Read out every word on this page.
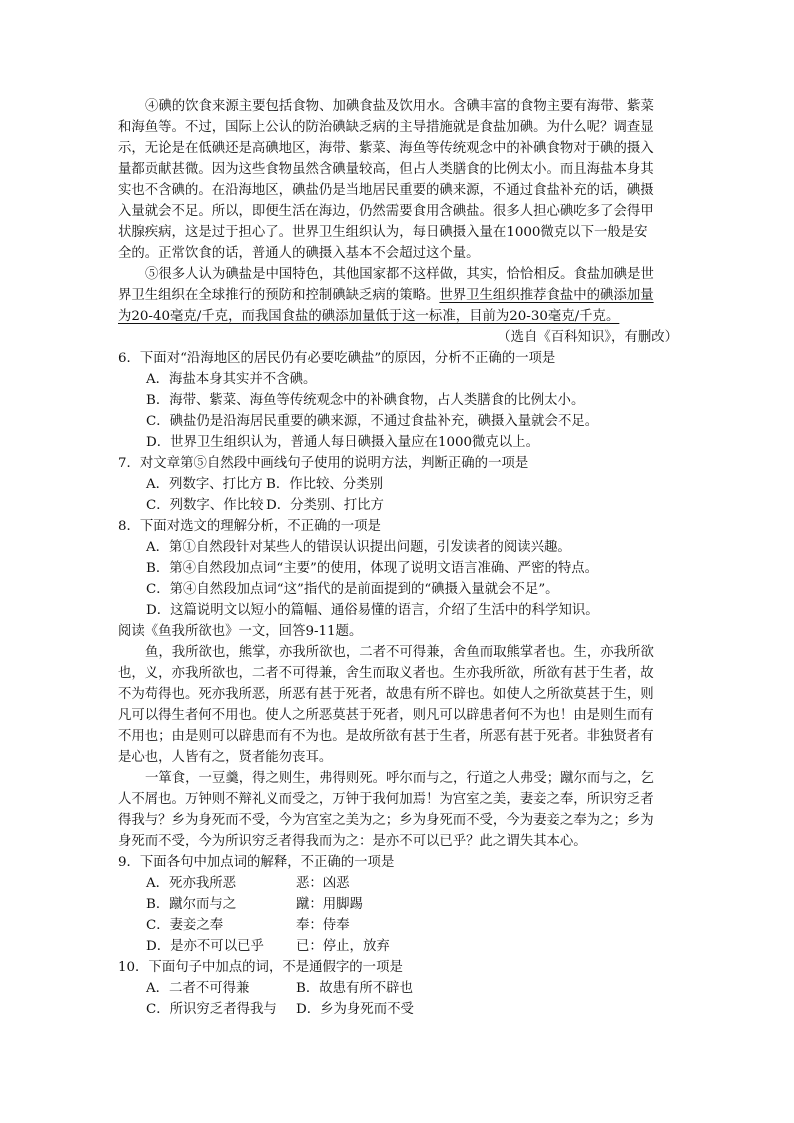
④碘的饮食来源主要包括食物、加碘食盐及饮用水。含碘丰富的食物主要有海带、紫菜
和海鱼等。不过，国际上公认的防治碘缺乏病的主导措施就是食盐加碘。为什么呢？调查显
示，无论是在低碘还是高碘地区，海带、紫菜、海鱼等传统观念中的补碘食物对于碘的摄入
量都贡献甚微。因为这些食物虽然含碘量较高，但占人类膳食的比例太小。而且海盐本身其
实也不含碘的。在沿海地区，碘盐仍是当地居民重要的碘来源，不通过食盐补充的话，碘摄
入量就会不足。所以，即便生活在海边，仍然需要食用含碘盐。很多人担心碘吃多了会得甲
状腺疾病，这是过于担心了。世界卫生组织认为，每日碘摄入量在1000微克以下一般是安
全的。正常饮食的话，普通人的碘摄入基本不会超过这个量。
⑤很多人认为碘盐是中国特色，其他国家都不这样做，其实，恰恰相反。食盐加碘是世
界卫生组织在全球推行的预防和控制碘缺乏病的策略。世界卫生组织推荐食盐中的碘添加量
为20-40毫克/千克，而我国食盐的碘添加量低于这一标准，目前为20-30毫克/千克。
（选自《百科知识》，有删改）
6．下面对“沿海地区的居民仍有必要吃碘盐”的原因，分析不正确的一项是
A．海盐本身其实并不含碘。
B．海带、紫菜、海鱼等传统观念中的补碘食物，占人类膳食的比例太小。
C．碘盐仍是沿海居民重要的碘来源，不通过食盐补充，碘摄入量就会不足。
D．世界卫生组织认为，普通人每日碘摄入量应在1000微克以上。
7．对文章第⑤自然段中画线句子使用的说明方法，判断正确的一项是
A．列数字、打比方 B．作比较、分类别
C．列数字、作比较 D．分类别、打比方
8．下面对选文的理解分析，不正确的一项是
A．第①自然段针对某些人的错误认识提出问题，引发读者的阅读兴趣。
B．第④自然段加点词“主要”的使用，体现了说明文语言准确、严密的特点。
C．第④自然段加点词“这”指代的是前面提到的“碘摄入量就会不足”。
D．这篇说明文以短小的篇幅、通俗易懂的语言，介绍了生活中的科学知识。
阅读《鱼我所欲也》一文，回答9-11题。
鱼，我所欲也，熊掌，亦我所欲也，二者不可得兼，舍鱼而取熊掌者也。生，亦我所欲
也，义，亦我所欲也，二者不可得兼，舍生而取义者也。生亦我所欲，所欲有甚于生者，故
不为苟得也。死亦我所恶，所恶有甚于死者，故患有所不辟也。如使人之所欲莫甚于生，则
凡可以得生者何不用也。使人之所恶莫甚于死者，则凡可以辟患者何不为也！由是则生而有
不用也；由是则可以辟患而有不为也。是故所欲有甚于生者，所恶有甚于死者。非独贤者有
是心也，人皆有之，贤者能勿丧耳。
一箪食，一豆羹，得之则生，弗得则死。呼尔而与之，行道之人弗受；蹴尔而与之，乞
人不屑也。万钟则不辩礼义而受之，万钟于我何加焉！为宫室之美，妻妾之奉，所识穷乏者
得我与？乡为身死而不受，今为宫室之美为之；乡为身死而不受，今为妻妾之奉为之；乡为
身死而不受，今为所识穷乏者得我而为之：是亦不可以已乎？此之谓失其本心。
9．下面各句中加点词的解释，不正确的一项是
A．死亦我所恶	恶：凶恶
B．蹴尔而与之	蹴：用脚踢
C．妻妾之奉	奉：侍奉
D．是亦不可以已乎 已：停止，放弃
10．下面句子中加点的词，不是通假字的一项是
A．二者不可得兼	B．故患有所不辟也
C．所识穷乏者得我与 D．乡为身死而不受
